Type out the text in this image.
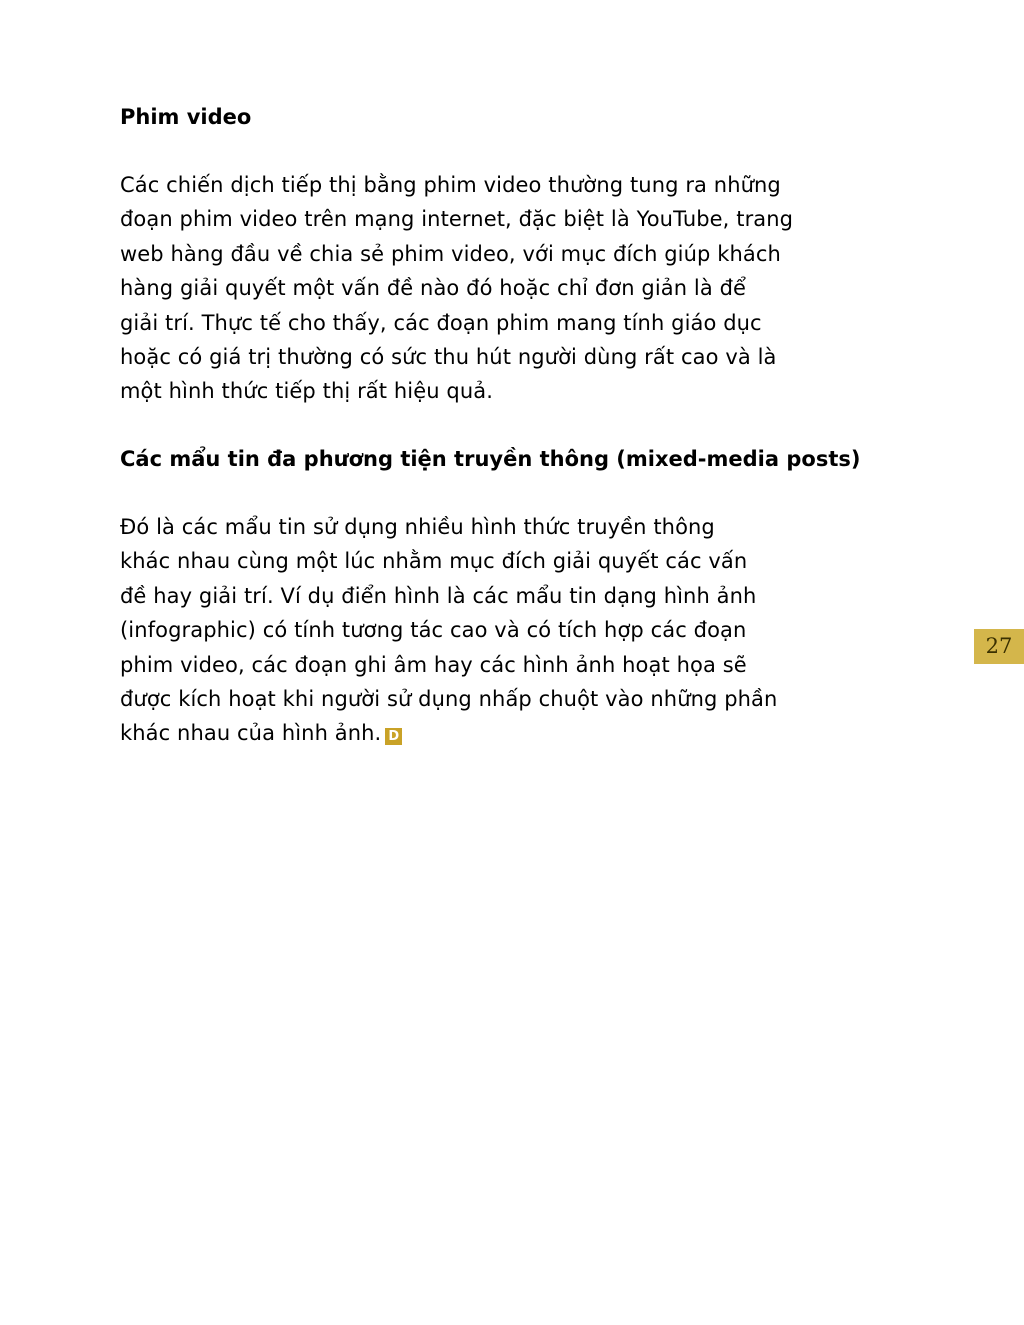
Phim video

Các chiến dịch tiếp thị bằng phim video thường tung ra những
đoạn phim video trên mạng internet, đặc biệt là YouTube, trang
web hàng đầu về chia sẻ phim video, với mục đích giúp khách
hàng giải quyết một vấn đề nào đó hoặc chỉ đơn giản là để
giải trí. Thực tế cho thấy, các đoạn phim mang tính giáo dục
hoặc có giá trị thường có sức thu hút người dùng rất cao và là
một hình thức tiếp thị rất hiệu quả.

Các mẩu tin đa phương tiện truyền thông (mixed-media posts)

Đó là các mẩu tin sử dụng nhiều hình thức truyền thông
khác nhau cùng một lúc nhằm mục đích giải quyết các vấn
đề hay giải trí. Ví dụ điển hình là các mẩu tin dạng hình ảnh
(infographic) có tính tương tác cao và có tích hợp các đoạn
phim video, các đoạn ghi âm hay các hình ảnh hoạt họa sẽ
được kích hoạt khi người sử dụng nhấp chuột vào những phần
khác nhau của hình ảnh. D

27
